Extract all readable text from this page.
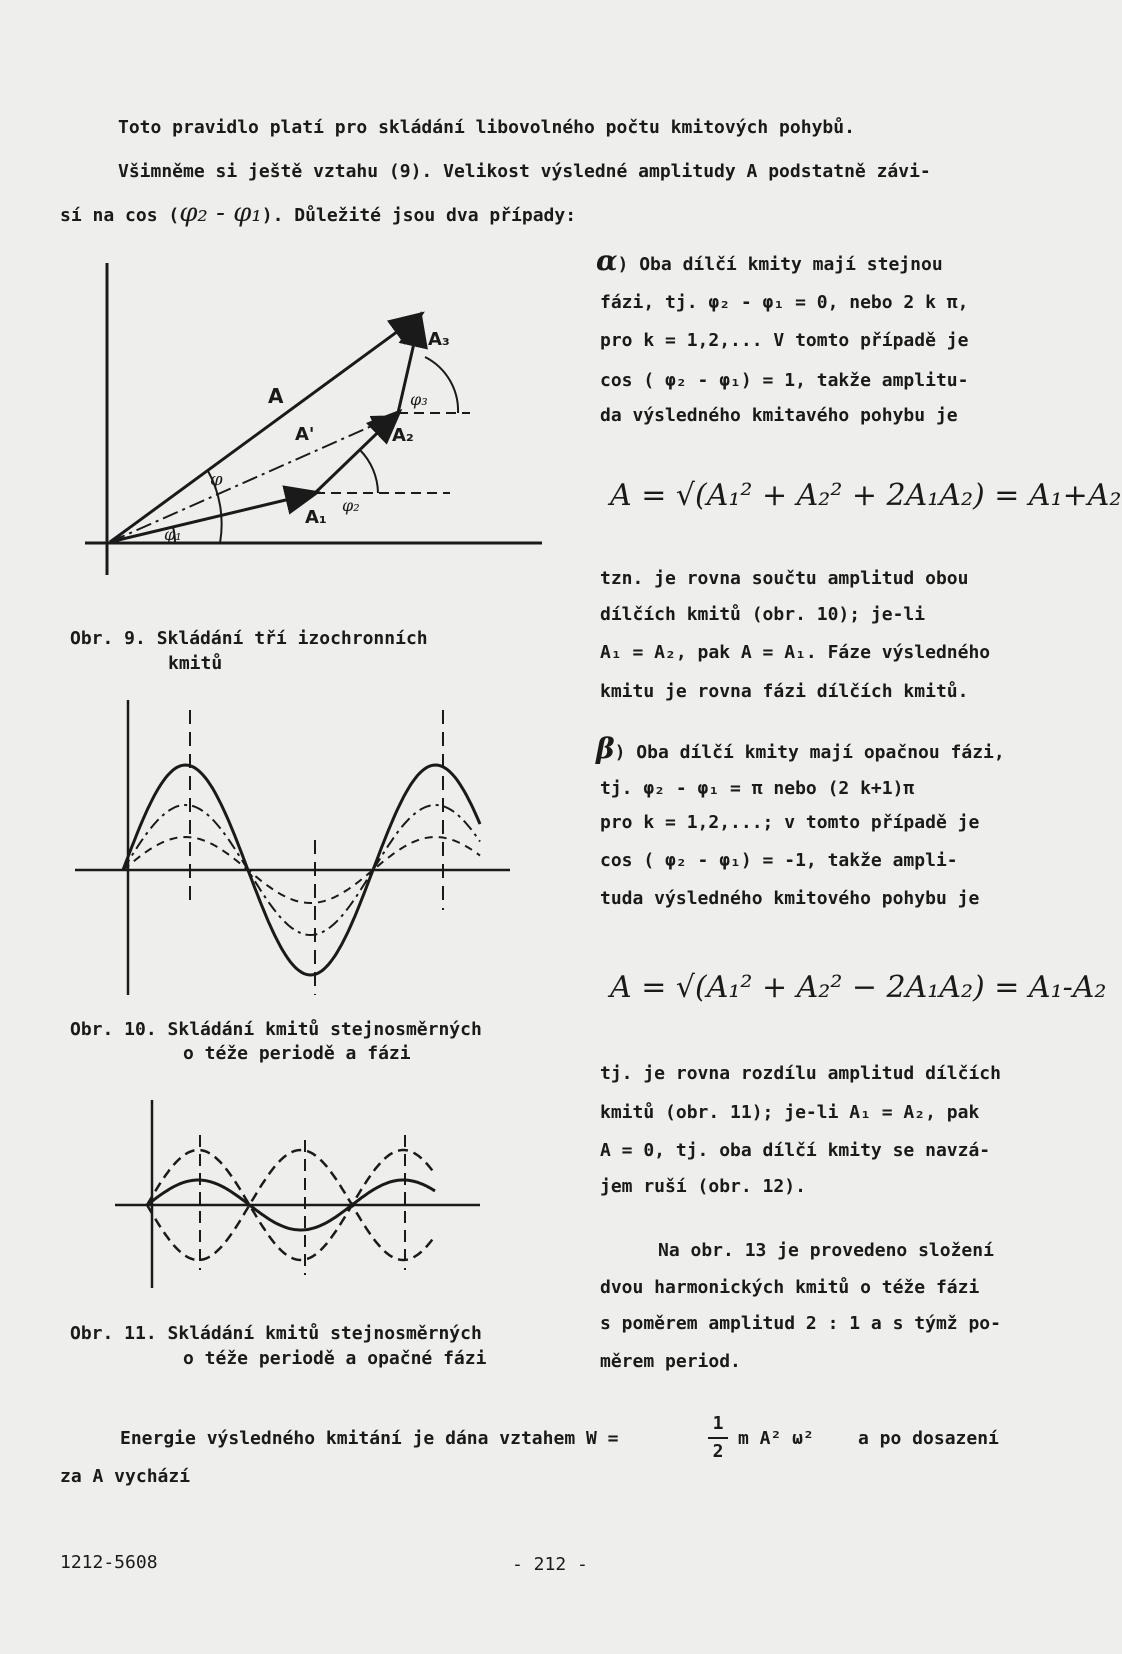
Toto pravidlo platí pro skládání libovolného počtu kmitových pohybů.
Všimněme si ještě vztahu (9). Velikost výsledné amplitudy A podstatně závi-
sí na cos (φ₂ - φ₁). Důležité jsou dva případy:
A
A'
A₁
A₂
A₃
φ
φ₁
φ₂
φ₃
Obr. 9. Skládání tří izochronních
kmitů
Obr. 10. Skládání kmitů stejnosměrných
o téže periodě a fázi
Obr. 11. Skládání kmitů stejnosměrných
o téže periodě a opačné fázi
α) Oba dílčí kmity mají stejnou
fázi, tj. φ₂ - φ₁ = 0, nebo 2 k π,
pro k = 1,2,... V tomto případě je
cos ( φ₂ - φ₁) = 1, takže amplitu-
da výsledného kmitavého pohybu je
A = √(A₁² + A₂² + 2A₁A₂) = A₁+A₂
tzn. je rovna součtu amplitud obou
dílčích kmitů (obr. 10); je-li
A₁ = A₂, pak A = A₁. Fáze výsledného
kmitu je rovna fázi dílčích kmitů.
β) Oba dílčí kmity mají opačnou fázi,
tj. φ₂ - φ₁ = π nebo (2 k+1)π
pro k = 1,2,...; v tomto případě je
cos ( φ₂ - φ₁) = -1, takže ampli-
tuda výsledného kmitového pohybu je
A = √(A₁² + A₂² − 2A₁A₂) = A₁-A₂
tj. je rovna rozdílu amplitud dílčích
kmitů (obr. 11); je-li A₁ = A₂, pak
A = 0, tj. oba dílčí kmity se navzá-
jem ruší (obr. 12).
Na obr. 13 je provedeno složení
dvou harmonických kmitů o téže fázi
s poměrem amplitud 2 : 1 a s týmž po-
měrem period.
Energie výsledného kmitání je dána vztahem W =
1
2
m A² ω² a po dosazení
za A vychází
1212-5608	- 212 -
